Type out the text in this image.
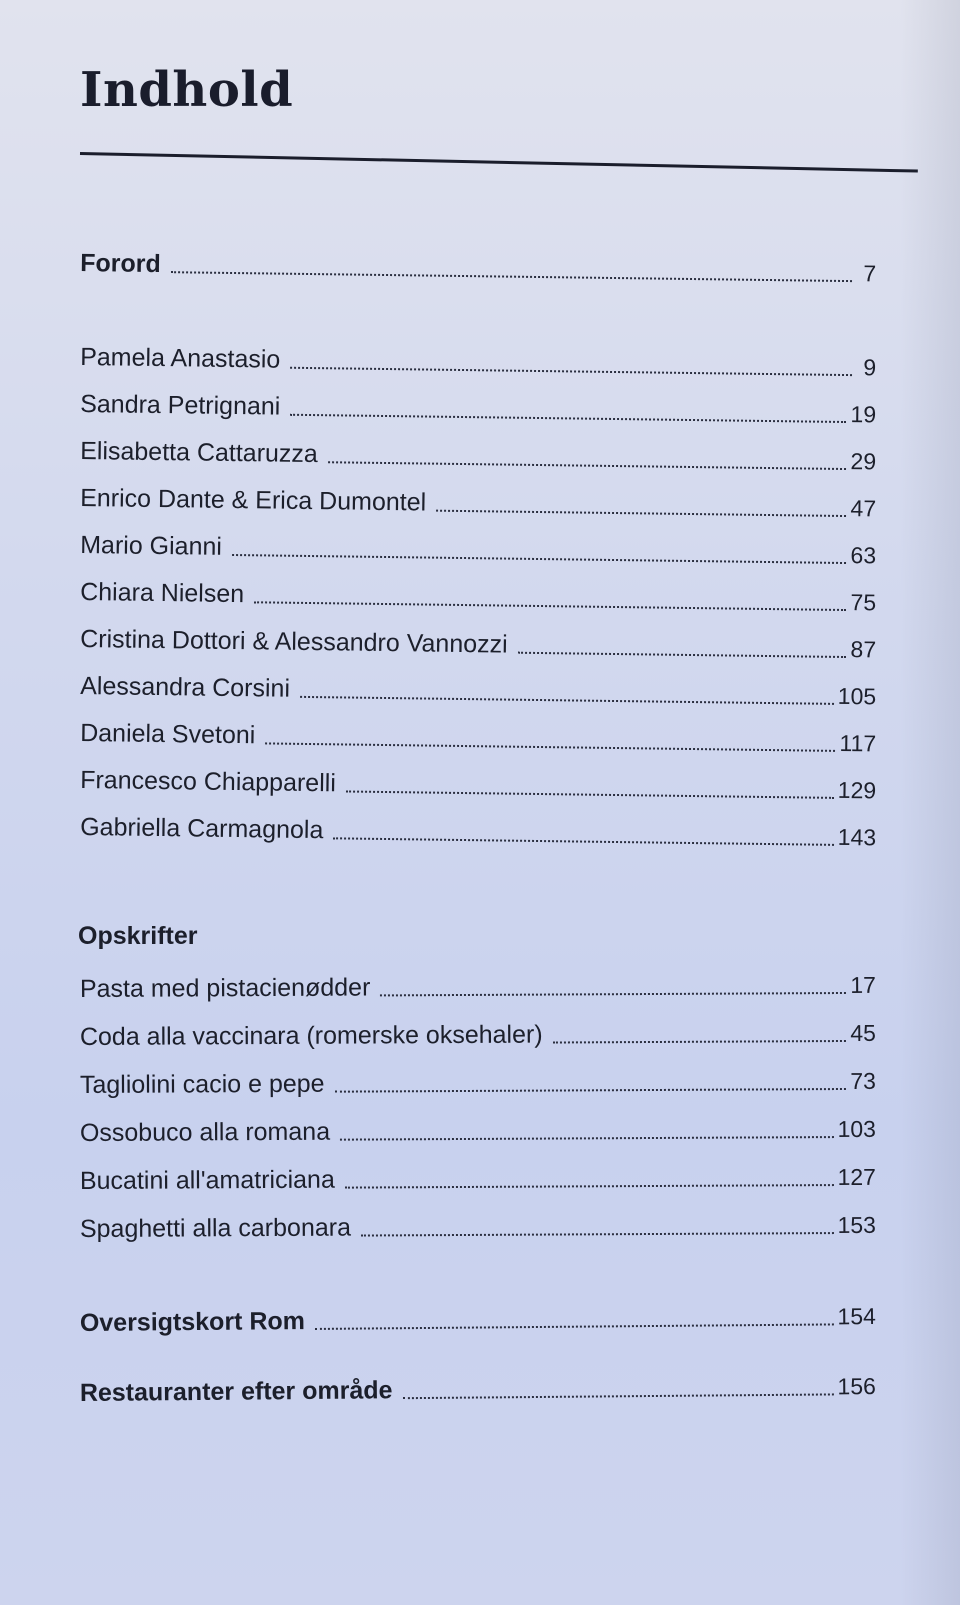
Indhold
Forord	7
Pamela Anastasio	9
Sandra Petrignani	19
Elisabetta Cattaruzza	29
Enrico Dante & Erica Dumontel	47
Mario Gianni	63
Chiara Nielsen	75
Cristina Dottori & Alessandro Vannozzi	87
Alessandra Corsini	105
Daniela Svetoni	117
Francesco Chiapparelli	129
Gabriella Carmagnola	143
Opskrifter
Pasta med pistacienødder	17
Coda alla vaccinara (romerske oksehaler)	45
Tagliolini cacio e pepe	73
Ossobuco alla romana	103
Bucatini all'amatriciana	127
Spaghetti alla carbonara	153
Oversigtskort Rom	154
Restauranter efter område	156
